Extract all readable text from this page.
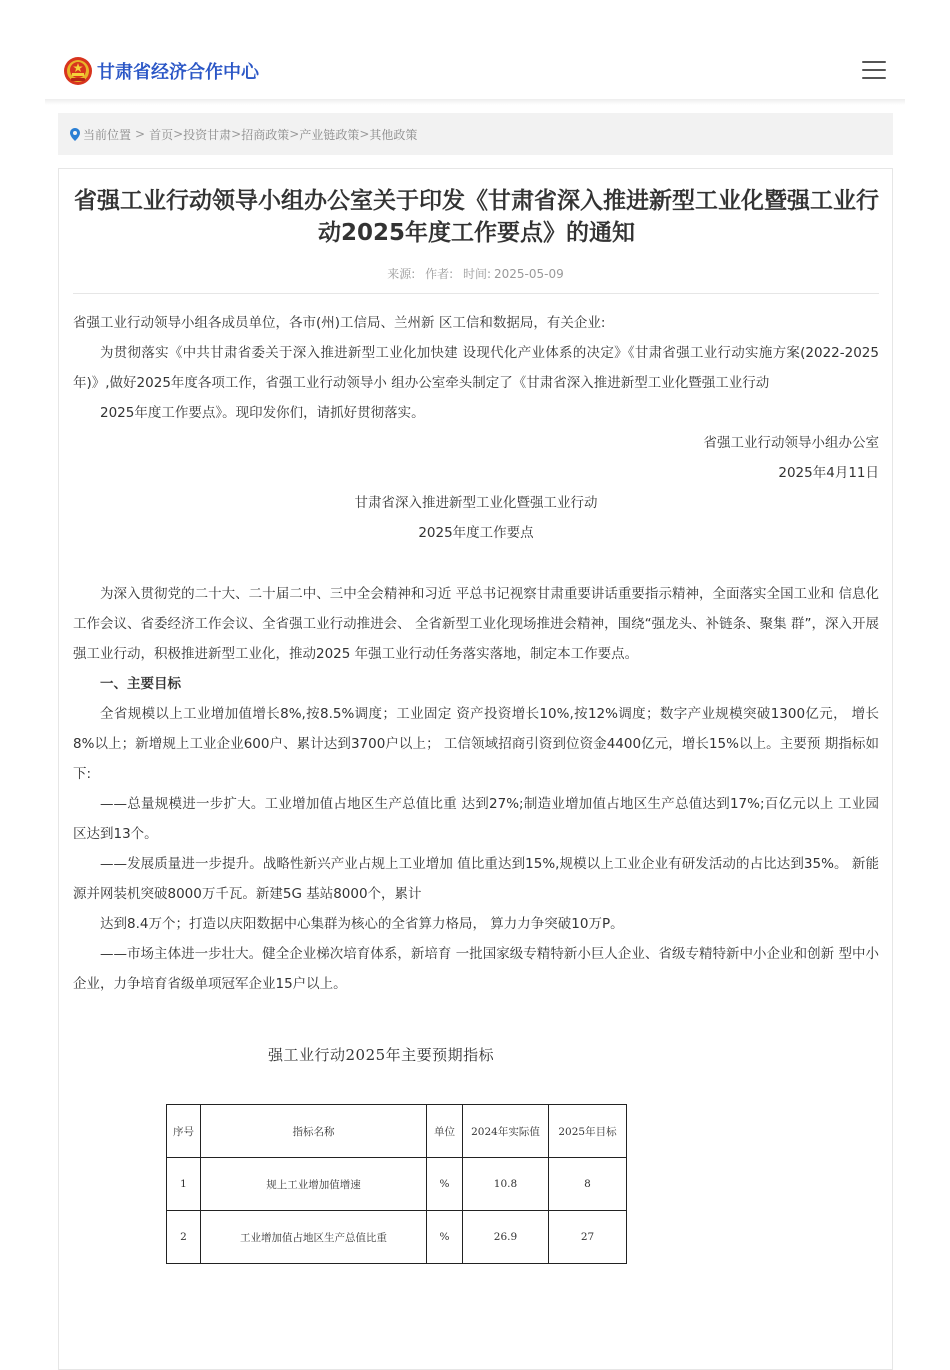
甘肃省经济合作中心
当前位置 > 首页 > 投资甘肃 > 招商政策 > 产业链政策 > 其他政策
省强工业行动领导小组办公室关于印发《甘肃省深入推进新型工业化暨强工业行动2025年度工作要点》的通知
来源: 作者: 时间: 2025-05-09

省强工业行动领导小组各成员单位，各市(州)工信局、兰州新 区工信和数据局，有关企业:

为贯彻落实《中共甘肃省委关于深入推进新型工业化加快建 设现代化产业体系的决定》《甘肃省强工业行动实施方案(2022-2025年)》,做好2025年度各项工作，省强工业行动领导小 组办公室牵头制定了《甘肃省深入推进新型工业化暨强工业行动

2025年度工作要点》。现印发你们，请抓好贯彻落实。

省强工业行动领导小组办公室

2025年4月11日

甘肃省深入推进新型工业化暨强工业行动

2025年度工作要点

为深入贯彻党的二十大、二十届二中、三中全会精神和习近 平总书记视察甘肃重要讲话重要指示精神，全面落实全国工业和 信息化工作会议、省委经济工作会议、全省强工业行动推进会、 全省新型工业化现场推进会精神，围绕“强龙头、补链条、聚集 群”，深入开展强工业行动，积极推进新型工业化，推动2025 年强工业行动任务落实落地，制定本工作要点。

一、主要目标

全省规模以上工业增加值增长8%,按8.5%调度；工业固定 资产投资增长10%,按12%调度；数字产业规模突破1300亿元， 增长8%以上；新增规上工业企业600户、累计达到3700户以上； 工信领域招商引资到位资金4400亿元，增长15%以上。主要预 期指标如下:

——总量规模进一步扩大。工业增加值占地区生产总值比重 达到27%;制造业增加值占地区生产总值达到17%;百亿元以上 工业园区达到13个。

——发展质量进一步提升。战略性新兴产业占规上工业增加 值比重达到15%,规模以上工业企业有研发活动的占比达到35%。 新能源并网装机突破8000万千瓦。新建5G 基站8000个，累计

达到8.4万个；打造以庆阳数据中心集群为核心的全省算力格局， 算力力争突破10万P。

——市场主体进一步壮大。健全企业梯次培育体系，新培育 一批国家级专精特新小巨人企业、省级专精特新中小企业和创新 型中小企业，力争培育省级单项冠军企业15户以上。

强工业行动2025年主要预期指标
序号	指标名称	单位	2024年实际值	2025年目标
1	规上工业增加值增速	%	10.8	8
2	工业增加值占地区生产总值比重	%	26.9	27
